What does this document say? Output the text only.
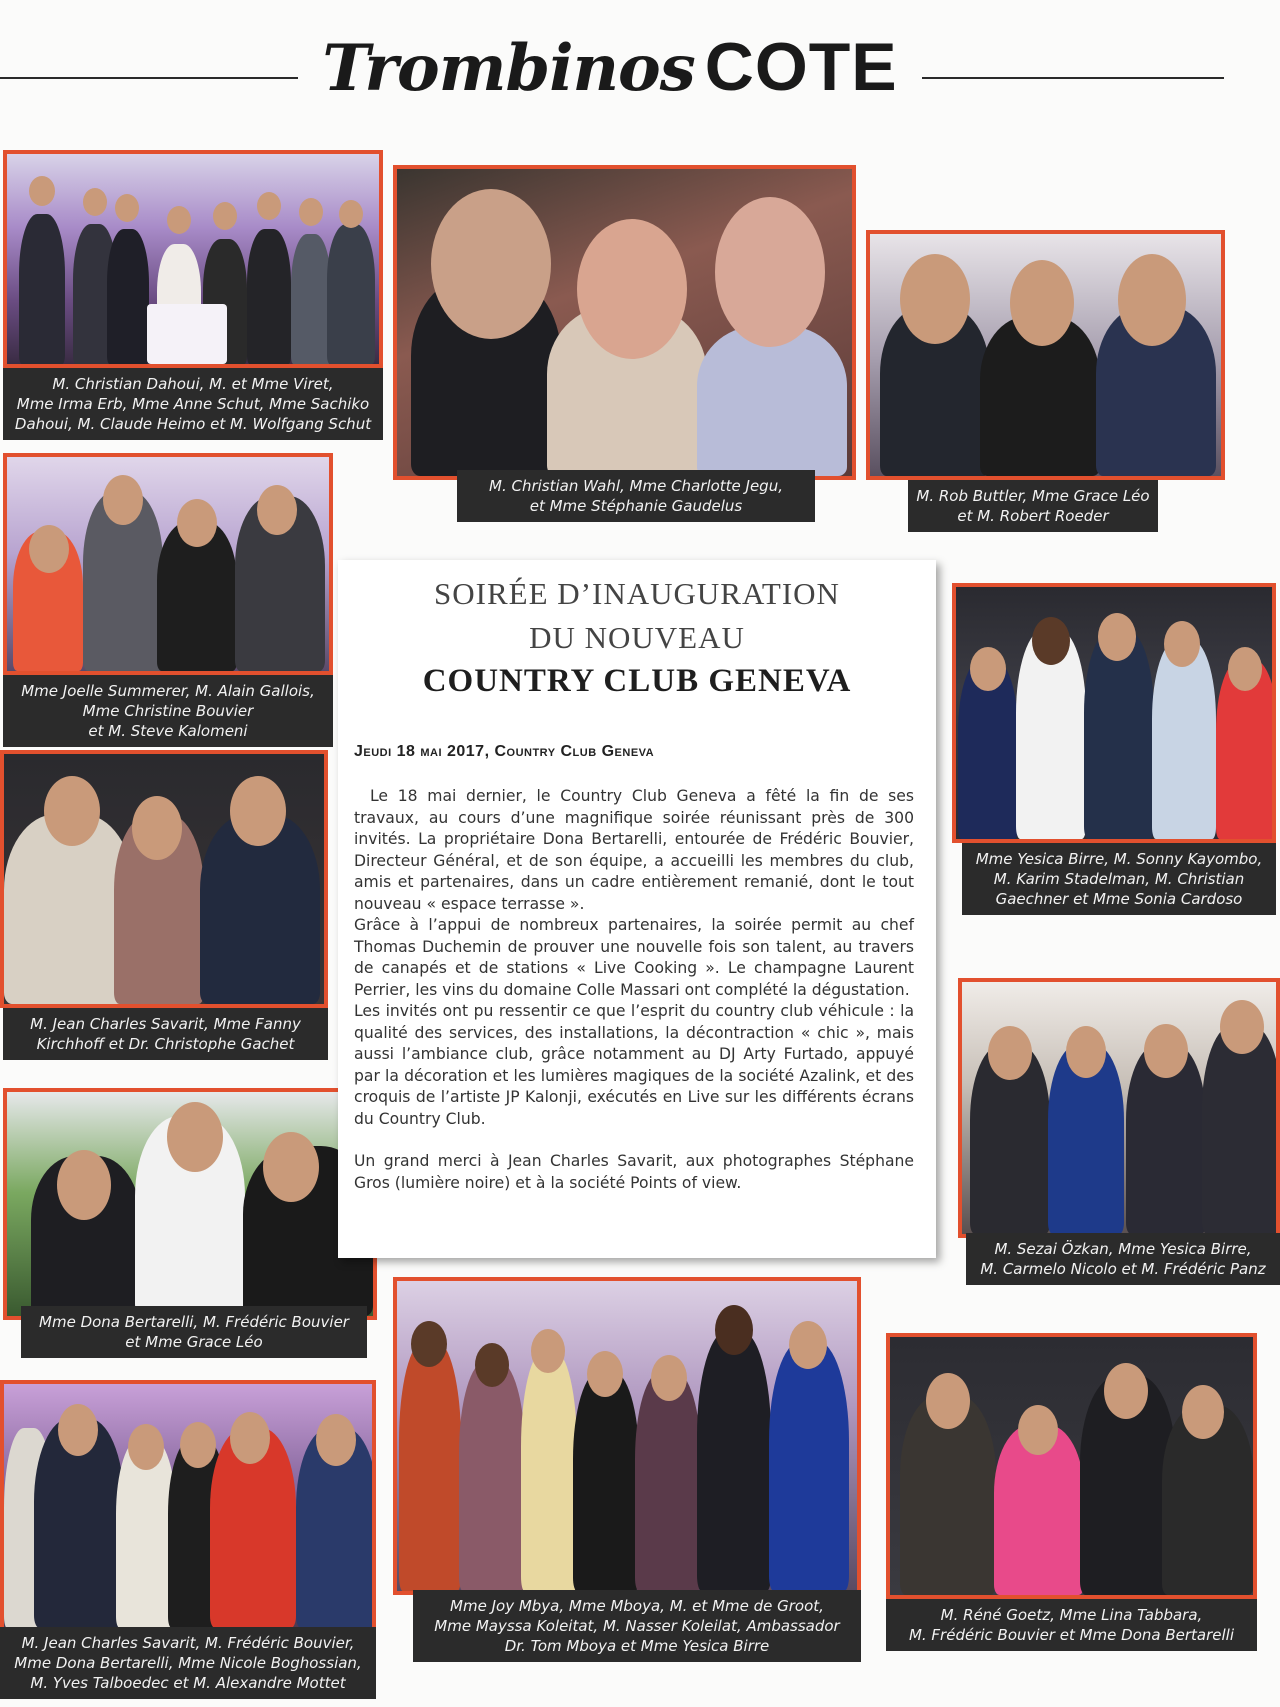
Trombinos COTE
M. Christian Dahoui, M. et Mme Viret,
Mme Irma Erb, Mme Anne Schut, Mme Sachiko
Dahoui, M. Claude Heimo et M. Wolfgang Schut
M. Christian Wahl, Mme Charlotte Jegu,
et Mme Stéphanie Gaudelus
M. Rob Buttler, Mme Grace Léo
et M. Robert Roeder
Mme Joelle Summerer, M. Alain Gallois,
Mme Christine Bouvier
et M. Steve Kalomeni
Mme Yesica Birre, M. Sonny Kayombo,
M. Karim Stadelman, M. Christian
Gaechner et Mme Sonia Cardoso
M. Jean Charles Savarit, Mme Fanny
Kirchhoff et Dr. Christophe Gachet
M. Sezai Özkan, Mme Yesica Birre,
M. Carmelo Nicolo et M. Frédéric Panz
Mme Dona Bertarelli, M. Frédéric Bouvier
et Mme Grace Léo
M. Jean Charles Savarit, M. Frédéric Bouvier,
Mme Dona Bertarelli, Mme Nicole Boghossian,
M. Yves Talboedec et M. Alexandre Mottet
Mme Joy Mbya, Mme Mboya, M. et Mme de Groot,
Mme Mayssa Koleitat, M. Nasser Koleilat, Ambassador
Dr. Tom Mboya et Mme Yesica Birre
M. Réné Goetz, Mme Lina Tabbara,
M. Frédéric Bouvier et Mme Dona Bertarelli
SOIRÉE D’INAUGURATION
DU NOUVEAU
COUNTRY CLUB GENEVA
Jeudi 18 mai 2017, Country Club Geneva

Le 18 mai dernier, le Country Club Geneva a fêté la fin de ses travaux, au cours d’une magnifique soirée réunissant près de 300 invités. La propriétaire Dona Bertarelli, entourée de Frédéric Bouvier, Directeur Général, et de son équipe, a accueilli les membres du club, amis et partenaires, dans un cadre entièrement remanié, dont le tout nouveau « espace terrasse ».

Grâce à l’appui de nombreux partenaires, la soirée permit au chef Thomas Duchemin de prouver une nouvelle fois son talent, au travers de canapés et de stations « Live Cooking ». Le champagne Laurent Perrier, les vins du domaine Colle Massari ont complété la dégustation.

Les invités ont pu ressentir ce que l’esprit du country club véhicule : la qualité des services, des installations, la décontraction « chic », mais aussi l’ambiance club, grâce notamment au DJ Arty Furtado, appuyé par la décoration et les lumières magiques de la société Azalink, et des croquis de l’artiste JP Kalonji, exécutés en Live sur les différents écrans du Country Club.

Un grand merci à Jean Charles Savarit, aux photographes Stéphane Gros (lumière noire) et à la société Points of view.
